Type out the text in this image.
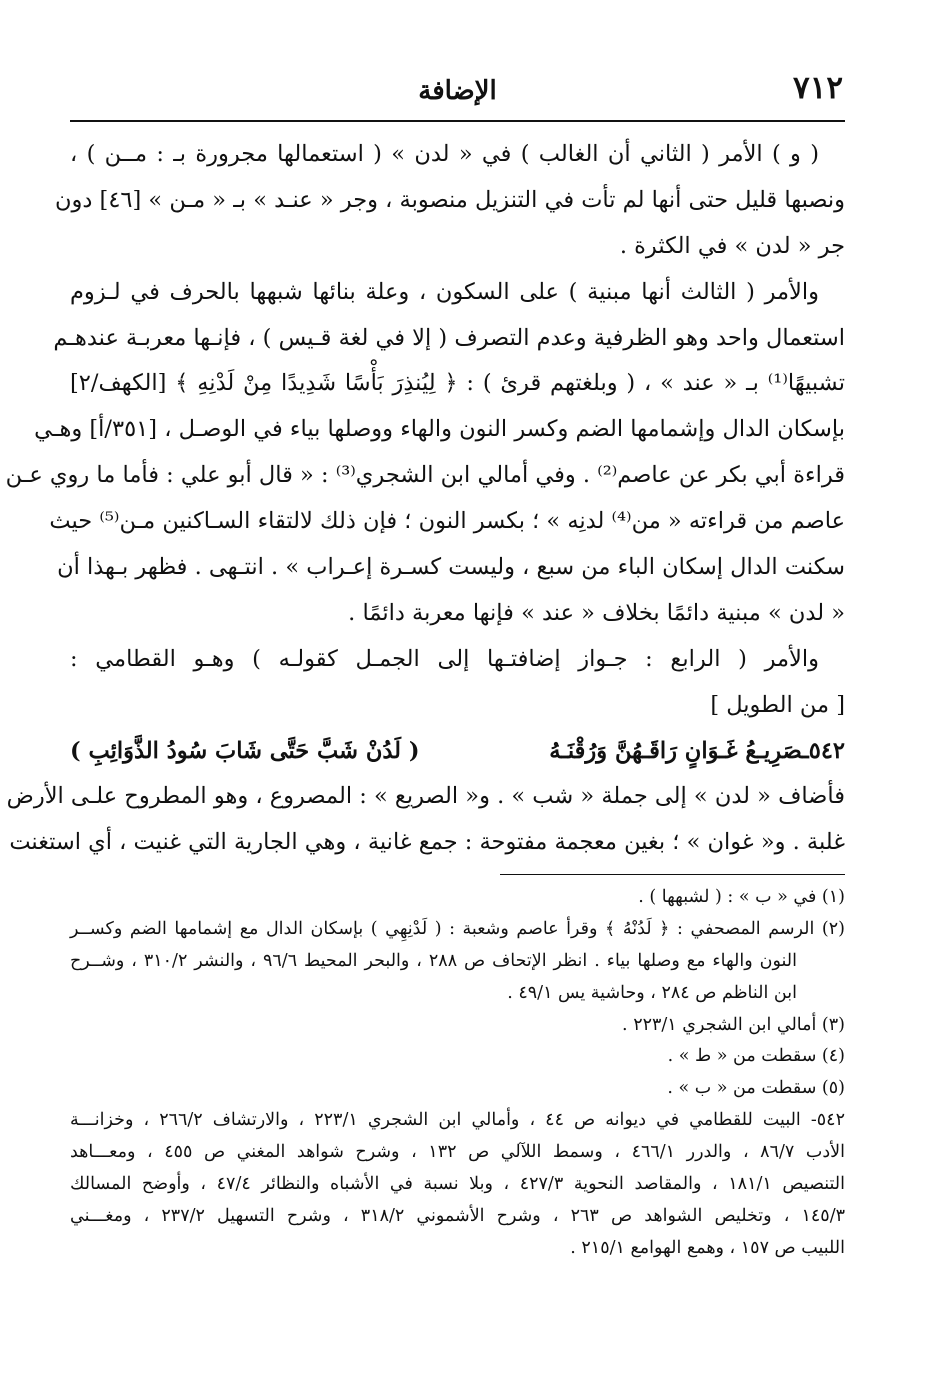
٧١٢
الإضافة
( و ) الأمر ( الثاني أن الغالب ) في « لدن » ( استعمالها مجرورة بـ : مــن ) ،
ونصبها قليل حتى أنها لم تأت في التنزيل منصوبة ، وجر « عنـد » بـ « مـن » [٤٦] دون
جر « لدن » في الكثرة .
والأمر ( الثالث أنها مبنية ) على السكون ، وعلة بنائها شبهها بالحرف في لـزوم
استعمال واحد وهو الظرفية وعدم التصرف ( إلا في لغة قـيس ) ، فإنـها معربـة عندهـم
تشبيهًا⁽¹⁾ بـ « عند » ، ( وبلغتهم قرئ ) : ﴿ لِيُنذِرَ بَأْسًا شَدِيدًا مِنْ لَدْنِهِ ﴾ [الكهف/٢]
بإسكان الدال وإشمامها الضم وكسر النون والهاء ووصلها بياء في الوصـل ، [٣٥١/أ] وهـي
قراءة أبي بكر عن عاصم⁽²⁾ . وفي أمالي ابن الشجري⁽³⁾ : « قال أبو علي : فأما ما روي عـن
عاصم من قراءته « من⁽⁴⁾ لدنِه » ؛ بكسر النون ؛ فإن ذلك لالتقاء السـاكنين مـن⁽⁵⁾ حيث
سكنت الدال إسكان الباء من سبع ، وليست كسـرة إعـراب » . انتـهى . فظهر بـهذا أن
« لدن » مبنية دائمًا بخلاف « عند » فإنها معربة دائمًا .
والأمر ( الرابع : جـواز إضافتـها إلى الجمـل كقولـه ) وهـو القطامي :
[ من الطويل ]
٥٤٢ـصَرِيـعُ غَـوَانٍ رَاقَـهُنَّ وَرُقْنَـهُ
( لَدُنْ شَبَّ حَتَّى شَابَ سُودُ الذَّوَائِبِ )
فأضاف « لدن » إلى جملة « شب » . و« الصريع » : المصروع ، وهو المطروح علـى الأرض
غلبة . و« غوان » ؛ بغين معجمة مفتوحة : جمع غانية ، وهي الجارية التي غنيت ، أي استغنت
(١) في « ب » : ( لشبهها ) .
(٢) الرسم المصحفي : ﴿ لَدُنْهُ ﴾ وقرأ عاصم وشعبة : ( لَدْنِهِي ) بإسكان الدال مع إشمامها الضم وكســر
النون والهاء مع وصلها بياء . انظر الإتحاف ص ٢٨٨ ، والبحر المحيط ٩٦/٦ ، والنشر ٣١٠/٢ ، وشــرح
ابن الناظم ص ٢٨٤ ، وحاشية يس ٤٩/١ .
(٣) أمالي ابن الشجري ٢٢٣/١ .
(٤) سقطت من « ط » .
(٥) سقطت من « ب » .
٥٤٢- البيت للقطامي في ديوانه ص ٤٤ ، وأمالي ابن الشجري ٢٢٣/١ ، والارتشاف ٢٦٦/٢ ، وخزانـــة
الأدب ٨٦/٧ ، والدرر ٤٦٦/١ ، وسمط اللآلي ص ١٣٢ ، وشرح شواهد المغني ص ٤٥٥ ، ومعـــاهد
التنصيص ١٨١/١ ، والمقاصد النحوية ٤٢٧/٣ ، وبلا نسبة في الأشباه والنظائر ٤٧/٤ ، وأوضح المسالك
١٤٥/٣ ، وتخليص الشواهد ص ٢٦٣ ، وشرح الأشموني ٣١٨/٢ ، وشرح التسهيل ٢٣٧/٢ ، ومغـــني
اللبيب ص ١٥٧ ، وهمع الهوامع ٢١٥/١ .
